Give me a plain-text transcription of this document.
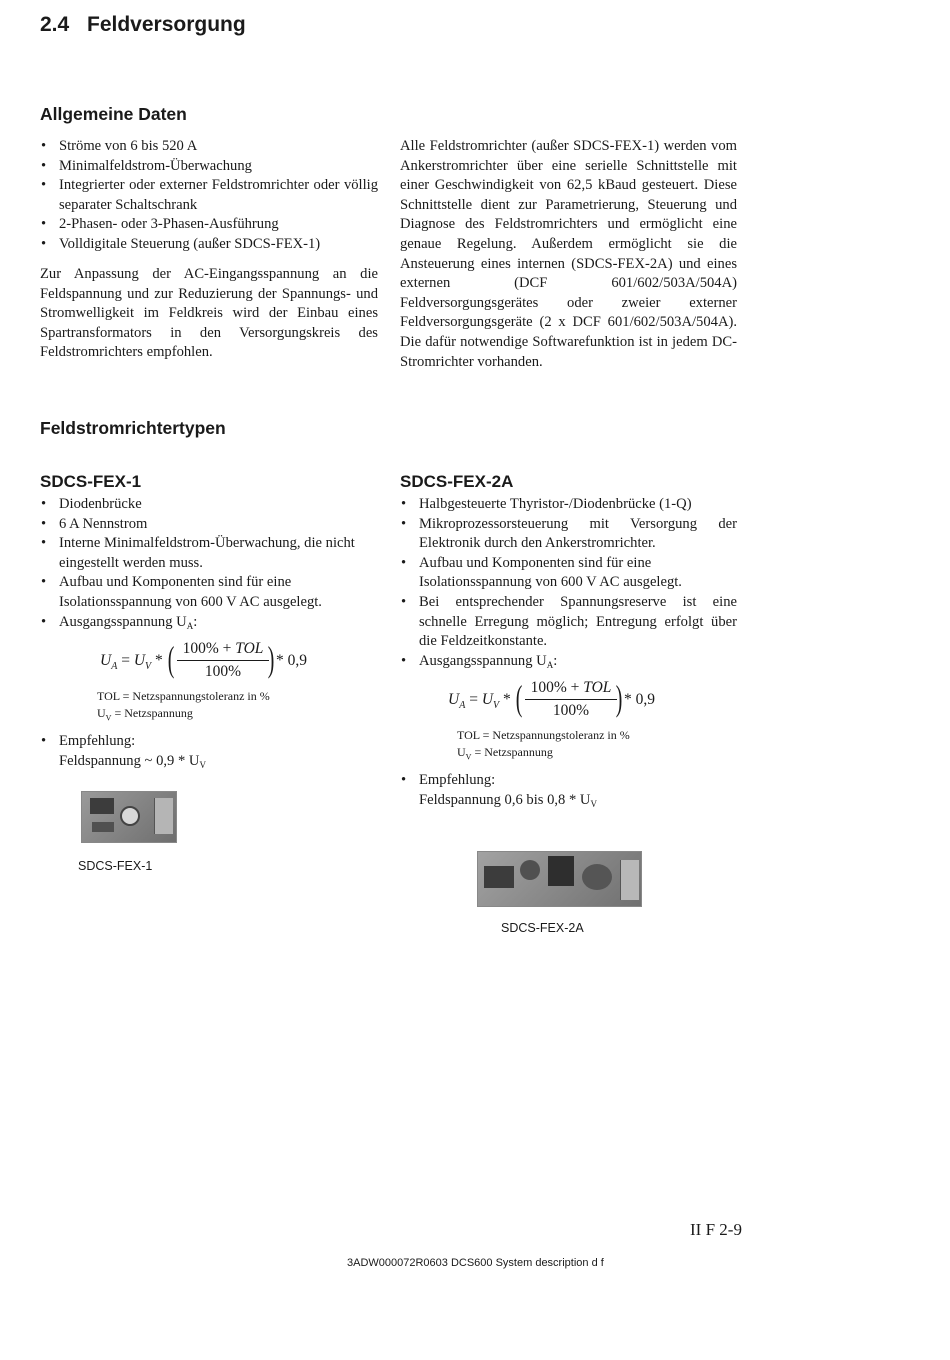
2.4 Feldversorgung
Allgemeine Daten
• Ströme von 6 bis 520 A
• Minimalfeldstrom-Überwachung
• Integrierter oder externer Feldstromrichter oder völlig separater Schaltschrank
• 2-Phasen- oder 3-Phasen-Ausführung
• Volldigitale Steuerung (außer SDCS-FEX-1)

Zur Anpassung der AC-Eingangsspannung an die Feldspannung und zur Reduzierung der Spannungs- und Stromwelligkeit im Feldkreis wird der Einbau eines Spartransformators in den Versorgungskreis des Feldstromrichters empfohlen.

Alle Feldstromrichter (außer SDCS-FEX-1) werden vom Ankerstromrichter über eine serielle Schnittstelle mit einer Geschwindigkeit von 62,5 kBaud gesteuert. Diese Schnittstelle dient zur Parametrierung, Steuerung und Diagnose des Feldstromrichters und ermöglicht eine genaue Regelung. Außerdem ermöglicht sie die Ansteuerung eines internen (SDCS-FEX-2A) und eines externen (DCF 601/602/503A/504A) Feldversorgungsgerätes oder zweier externer Feldversorgungsgeräte (2 x DCF 601/602/503A/504A). Die dafür notwendige Softwarefunktion ist in jedem DC-Stromrichter vorhanden.

Feldstromrichtertypen
SDCS-FEX-1
• Diodenbrücke
• 6 A Nennstrom
• Interne Minimalfeldstrom-Überwachung, die nicht eingestellt werden muss.
• Aufbau und Komponenten sind für eine Isolationsspannung von 600 V AC ausgelegt.
• Ausgangsspannung $U_A$:
$U_A = U_V$ * ( 100% + TOL
100% ) * 0,9
TOL = Netzspannungstoleranz in %
$U_V$ = Netzspannung
• Empfehlung:
Feldspannung ~ $0,9 * U_V$
SDCS-FEX-1
SDCS-FEX-2A
• Halbgesteuerte Thyristor-/Diodenbrücke (1-Q)
• Mikroprozessorsteuerung mit Versorgung der Elektronik durch den Ankerstromrichter.
• Aufbau und Komponenten sind für eine Isolationsspannung von 600 V AC ausgelegt.
• Bei entsprechender Spannungsreserve ist eine schnelle Erregung möglich; Entregung erfolgt über die Feldzeitkonstante.
• Ausgangsspannung $U_A$:
$U_A = U_V$ * ( 100% + TOL
100% ) * 0,9
TOL = Netzspannungstoleranz in %
$U_V$ = Netzspannung
• Empfehlung:
Feldspannung 0,6 bis $0,8 * U_V$
SDCS-FEX-2A
II F 2-9
3ADW000072R0603 DCS600 System description d f
